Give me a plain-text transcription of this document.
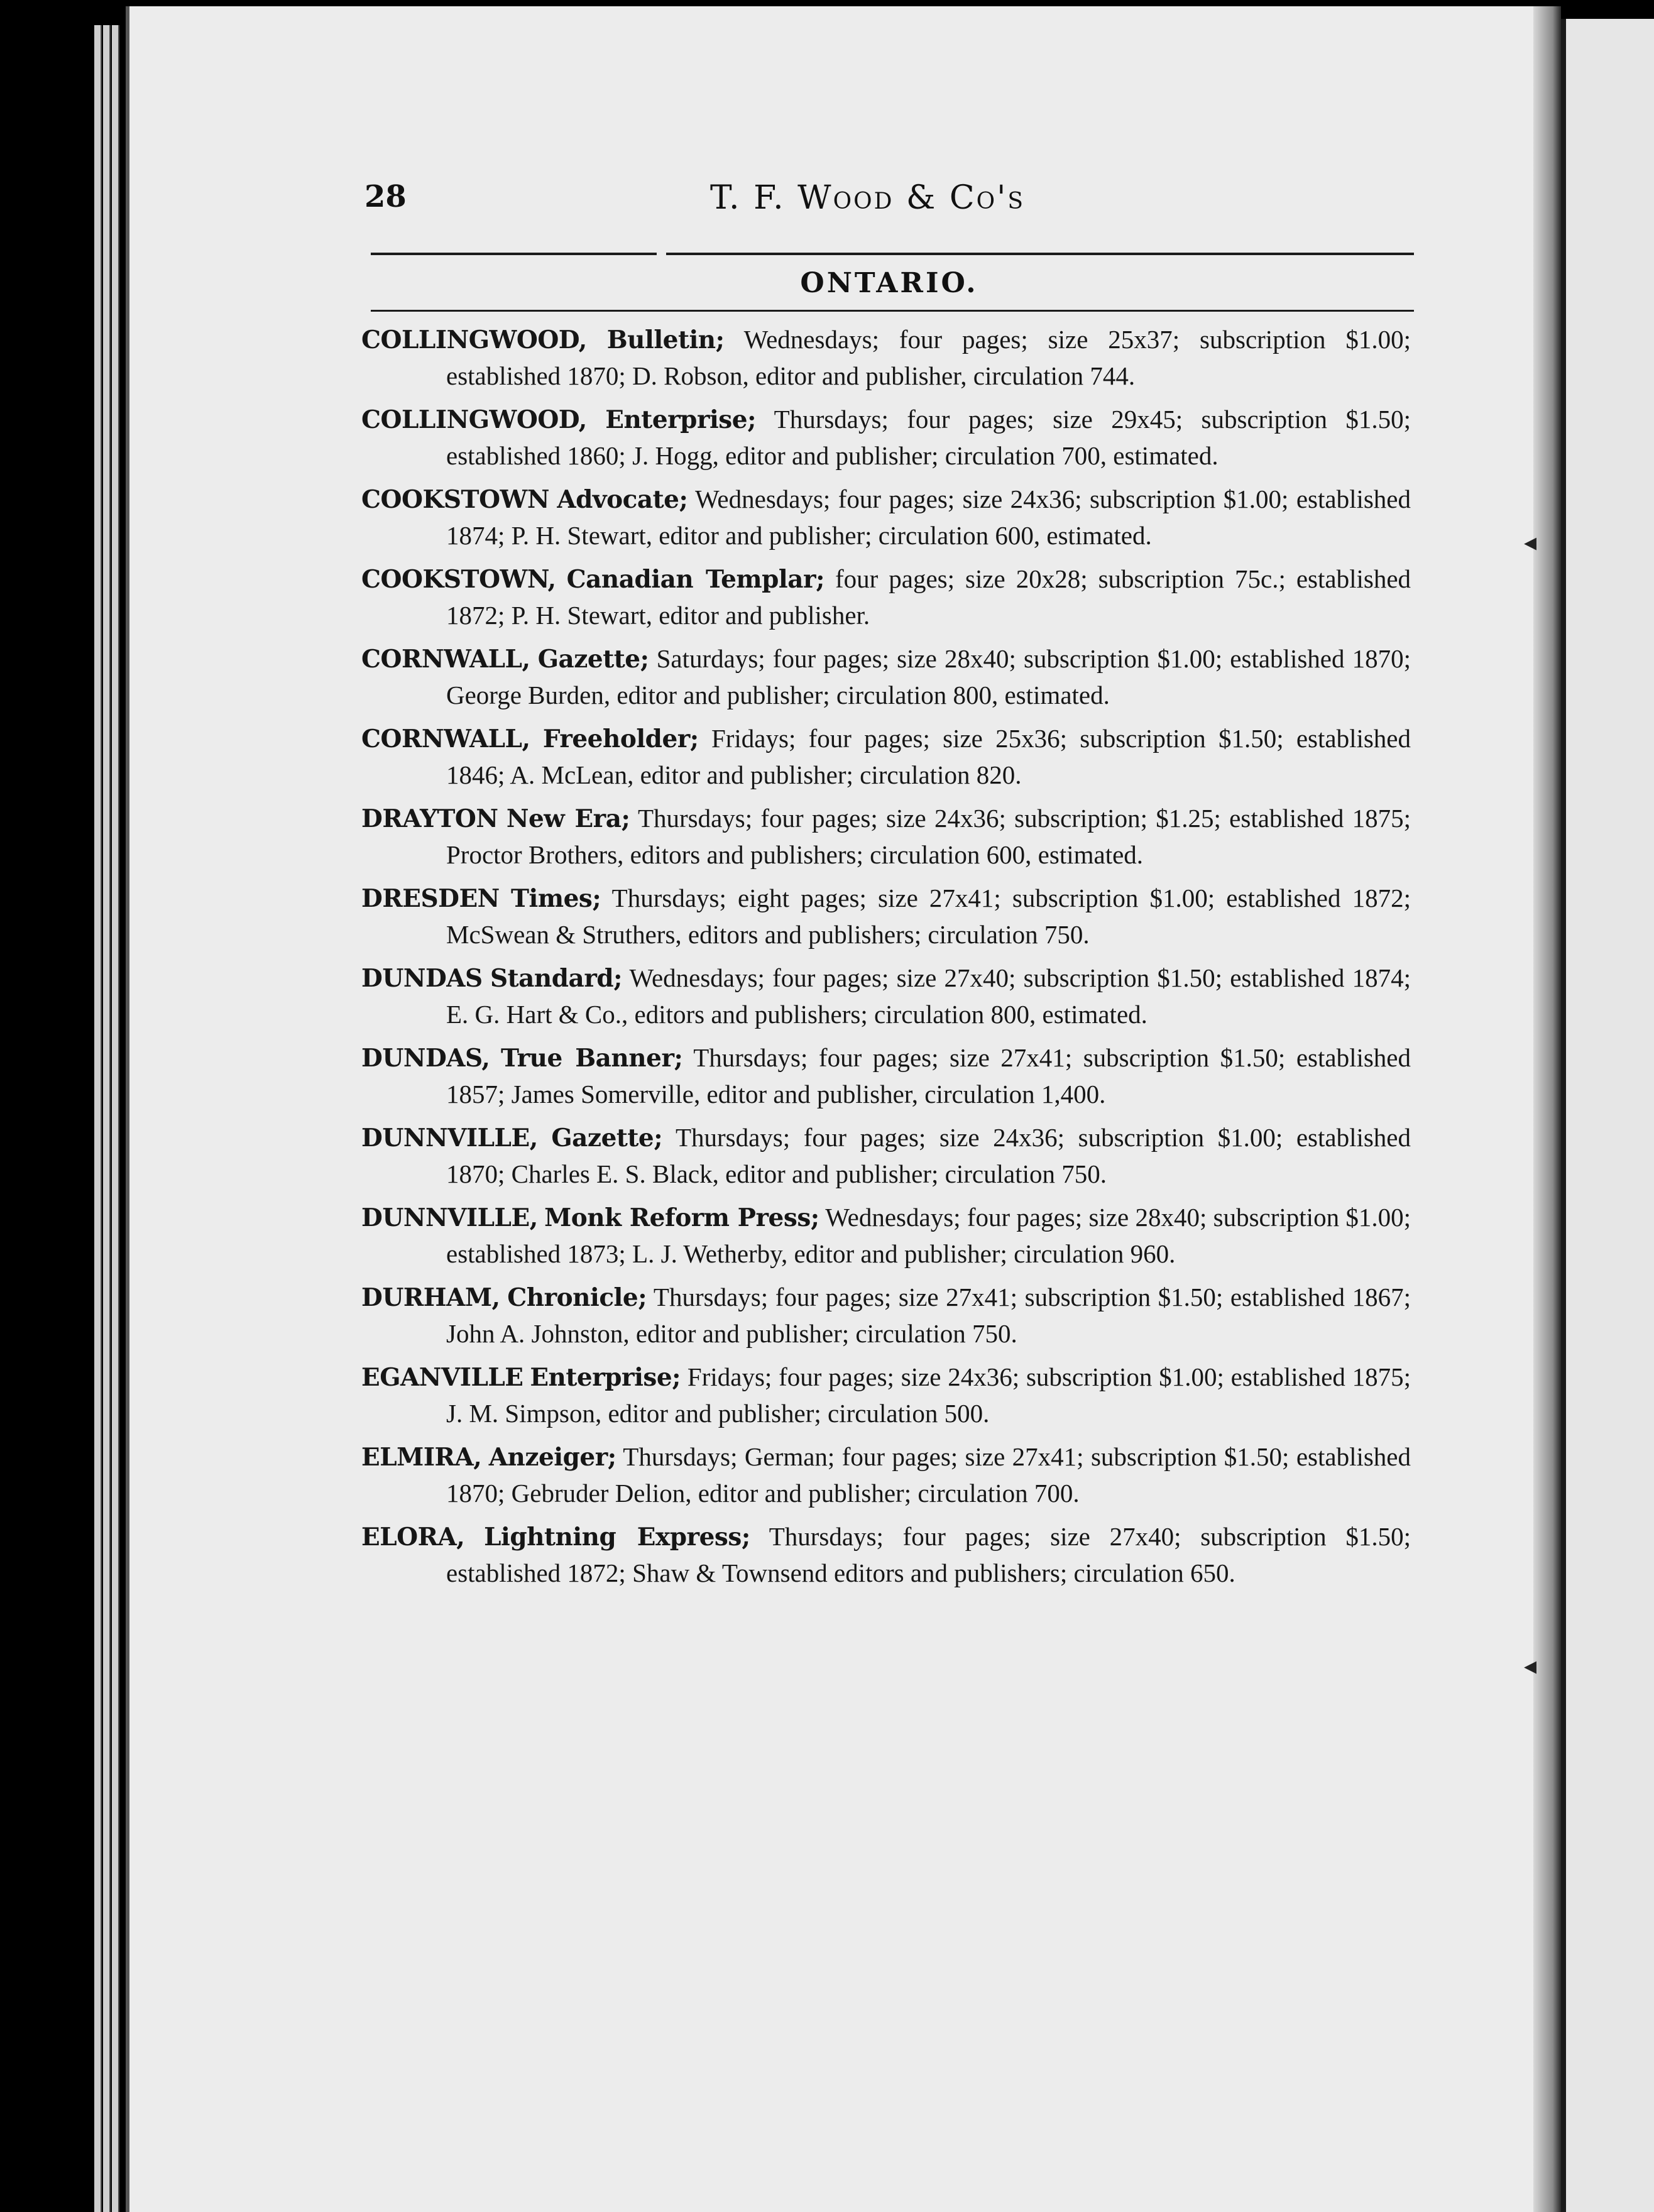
◂
◂
28	T. F. Wood & Co's
ONTARIO.
COLLINGWOOD, Bulletin; Wednesdays; four pages; size 25x37; subscription $1.00; established 1870; D. Robson, editor and publisher, circulation 744.
COLLINGWOOD, Enterprise; Thursdays; four pages; size 29x45; subscription $1.50; established 1860; J. Hogg, editor and publisher; circulation 700, estimated.
COOKSTOWN Advocate; Wednesdays; four pages; size 24x36; subscription $1.00; established 1874; P. H. Stewart, editor and publisher; circulation 600, estimated.
COOKSTOWN, Canadian Templar; four pages; size 20x28; subscription 75c.; established 1872; P. H. Stewart, editor and publisher.
CORNWALL, Gazette; Saturdays; four pages; size 28x40; subscription $1.00; established 1870; George Burden, editor and publisher; circulation 800, estimated.
CORNWALL, Freeholder; Fridays; four pages; size 25x36; subscription $1.50; established 1846; A. McLean, editor and publisher; circulation 820.
DRAYTON New Era; Thursdays; four pages; size 24x36; subscription; $1.25; established 1875; Proctor Brothers, editors and publishers; circulation 600, estimated.
DRESDEN Times; Thursdays; eight pages; size 27x41; subscription $1.00; established 1872; McSwean & Struthers, editors and publishers; circulation 750.
DUNDAS Standard; Wednesdays; four pages; size 27x40; subscription $1.50; established 1874; E. G. Hart & Co., editors and publishers; circulation 800, estimated.
DUNDAS, True Banner; Thursdays; four pages; size 27x41; subscription $1.50; established 1857; James Somerville, editor and publisher, circulation 1,400.
DUNNVILLE, Gazette; Thursdays; four pages; size 24x36; subscription $1.00; established 1870; Charles E. S. Black, editor and publisher; circulation 750.
DUNNVILLE, Monk Reform Press; Wednesdays; four pages; size 28x40; subscription $1.00; established 1873; L. J. Wetherby, editor and publisher; circulation 960.
DURHAM, Chronicle; Thursdays; four pages; size 27x41; subscription $1.50; established 1867; John A. Johnston, editor and publisher; circulation 750.
EGANVILLE Enterprise; Fridays; four pages; size 24x36; subscription $1.00; established 1875; J. M. Simpson, editor and publisher; circulation 500.
ELMIRA, Anzeiger; Thursdays; German; four pages; size 27x41; subscription $1.50; established 1870; Gebruder Delion, editor and publisher; circulation 700.
ELORA, Lightning Express; Thursdays; four pages; size 27x40; subscription $1.50; established 1872; Shaw & Townsend editors and publishers; circulation 650.
